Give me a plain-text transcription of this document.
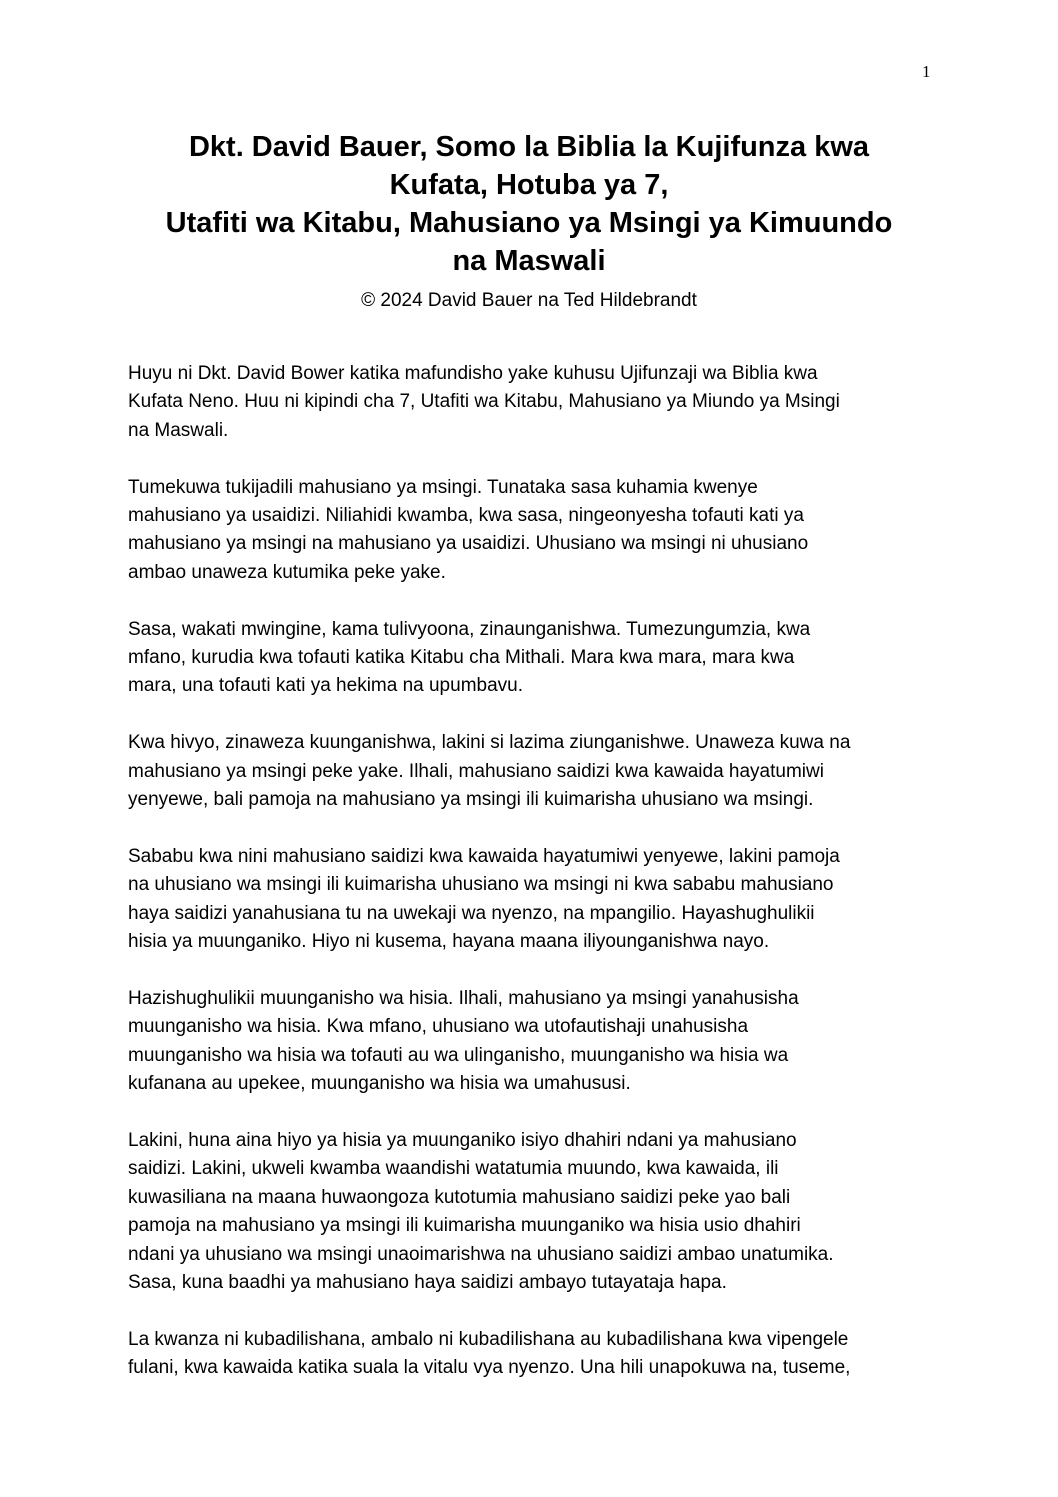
1

Dkt. David Bauer, Somo la Biblia la Kujifunza kwa

Kufata, Hotuba ya 7,

Utafiti wa Kitabu, Mahusiano ya Msingi ya Kimuundo

na Maswali

© 2024 David Bauer na Ted Hildebrandt

Huyu ni Dkt. David Bower katika mafundisho yake kuhusu Ujifunzaji wa Biblia kwa
Kufata Neno. Huu ni kipindi cha 7, Utafiti wa Kitabu, Mahusiano ya Miundo ya Msingi
na Maswali.

Tumekuwa tukijadili mahusiano ya msingi. Tunataka sasa kuhamia kwenye
mahusiano ya usaidizi. Niliahidi kwamba, kwa sasa, ningeonyesha tofauti kati ya
mahusiano ya msingi na mahusiano ya usaidizi. Uhusiano wa msingi ni uhusiano
ambao unaweza kutumika peke yake.

Sasa, wakati mwingine, kama tulivyoona, zinaunganishwa. Tumezungumzia, kwa
mfano, kurudia kwa tofauti katika Kitabu cha Mithali. Mara kwa mara, mara kwa
mara, una tofauti kati ya hekima na upumbavu.

Kwa hivyo, zinaweza kuunganishwa, lakini si lazima ziunganishwe. Unaweza kuwa na
mahusiano ya msingi peke yake. Ilhali, mahusiano saidizi kwa kawaida hayatumiwi
yenyewe, bali pamoja na mahusiano ya msingi ili kuimarisha uhusiano wa msingi.

Sababu kwa nini mahusiano saidizi kwa kawaida hayatumiwi yenyewe, lakini pamoja
na uhusiano wa msingi ili kuimarisha uhusiano wa msingi ni kwa sababu mahusiano
haya saidizi yanahusiana tu na uwekaji wa nyenzo, na mpangilio. Hayashughulikii
hisia ya muunganiko. Hiyo ni kusema, hayana maana iliyounganishwa nayo.

Hazishughulikii muunganisho wa hisia. Ilhali, mahusiano ya msingi yanahusisha
muunganisho wa hisia. Kwa mfano, uhusiano wa utofautishaji unahusisha
muunganisho wa hisia wa tofauti au wa ulinganisho, muunganisho wa hisia wa
kufanana au upekee, muunganisho wa hisia wa umahususi.

Lakini, huna aina hiyo ya hisia ya muunganiko isiyo dhahiri ndani ya mahusiano
saidizi. Lakini, ukweli kwamba waandishi watatumia muundo, kwa kawaida, ili
kuwasiliana na maana huwaongoza kutotumia mahusiano saidizi peke yao bali
pamoja na mahusiano ya msingi ili kuimarisha muunganiko wa hisia usio dhahiri
ndani ya uhusiano wa msingi unaoimarishwa na uhusiano saidizi ambao unatumika.
Sasa, kuna baadhi ya mahusiano haya saidizi ambayo tutayataja hapa.

La kwanza ni kubadilishana, ambalo ni kubadilishana au kubadilishana kwa vipengele
fulani, kwa kawaida katika suala la vitalu vya nyenzo. Una hili unapokuwa na, tuseme,
